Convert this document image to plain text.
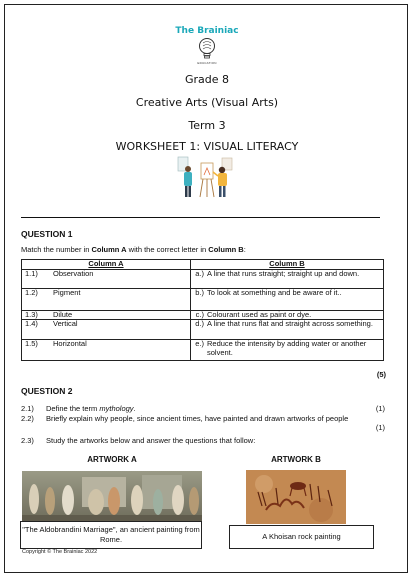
The Brainiac
EDUCATION
Grade 8
Creative Arts (Visual Arts)
Term 3
WORKSHEET 1: VISUAL LITERACY
QUESTION 1
Match the number in Column A with the correct letter in Column B:
Column A		Column B	
1.1)	Observation	a.)	A line that runs straight; straight up and down.
1.2)	Pigment	b.)	To look at something and be aware of it..
1.3)	Dilute	c.)	Colourant used as paint or dye.
1.4)	Vertical	d.)	A line that runs flat and straight across something.
1.5)	Horizontal	e.)	Reduce the intensity by adding water or another solvent.
(5)
QUESTION 2
2.1) Define the term mythology.	(1)
2.2) Briefly explain why people, since ancient times, have painted and drawn artworks of people
(1)
2.3) Study the artworks below and answer the questions that follow:
ARTWORK A	ARTWORK B
"The Aldobrandini Marriage", an ancient painting from Rome.	A Khoisan rock painting
Copyright © The Brainiac 2022
